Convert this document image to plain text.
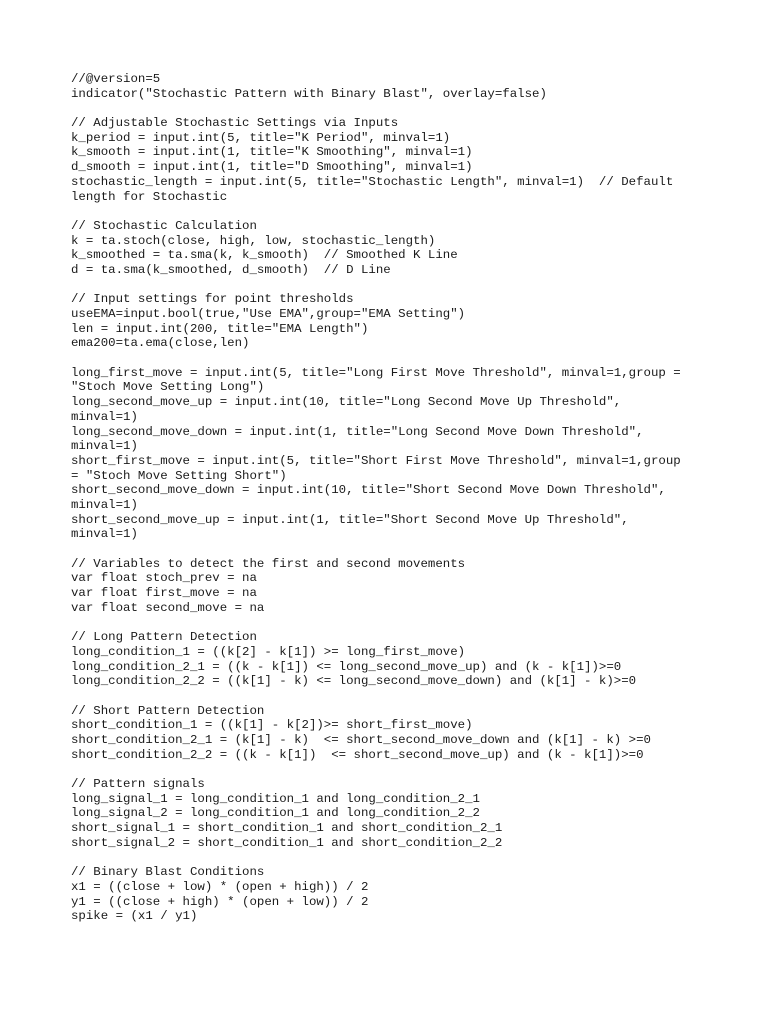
//@version=5
indicator("Stochastic Pattern with Binary Blast", overlay=false)
// Adjustable Stochastic Settings via Inputs
k_period = input.int(5, title="K Period", minval=1)
k_smooth = input.int(1, title="K Smoothing", minval=1)
d_smooth = input.int(1, title="D Smoothing", minval=1)
stochastic_length = input.int(5, title="Stochastic Length", minval=1)  // Default
length for Stochastic
// Stochastic Calculation
k = ta.stoch(close, high, low, stochastic_length)
k_smoothed = ta.sma(k, k_smooth)  // Smoothed K Line
d = ta.sma(k_smoothed, d_smooth)  // D Line
// Input settings for point thresholds
useEMA=input.bool(true,"Use EMA",group="EMA Setting")
len = input.int(200, title="EMA Length")
ema200=ta.ema(close,len)
long_first_move = input.int(5, title="Long First Move Threshold", minval=1,group =
"Stoch Move Setting Long")
long_second_move_up = input.int(10, title="Long Second Move Up Threshold",
minval=1)
long_second_move_down = input.int(1, title="Long Second Move Down Threshold",
minval=1)
short_first_move = input.int(5, title="Short First Move Threshold", minval=1,group
= "Stoch Move Setting Short")
short_second_move_down = input.int(10, title="Short Second Move Down Threshold",
minval=1)
short_second_move_up = input.int(1, title="Short Second Move Up Threshold",
minval=1)
// Variables to detect the first and second movements
var float stoch_prev = na
var float first_move = na
var float second_move = na
// Long Pattern Detection
long_condition_1 = ((k[2] - k[1]) >= long_first_move)
long_condition_2_1 = ((k - k[1]) <= long_second_move_up) and (k - k[1])>=0
long_condition_2_2 = ((k[1] - k) <= long_second_move_down) and (k[1] - k)>=0
// Short Pattern Detection
short_condition_1 = ((k[1] - k[2])>= short_first_move)
short_condition_2_1 = (k[1] - k)  <= short_second_move_down and (k[1] - k) >=0
short_condition_2_2 = ((k - k[1])  <= short_second_move_up) and (k - k[1])>=0
// Pattern signals
long_signal_1 = long_condition_1 and long_condition_2_1
long_signal_2 = long_condition_1 and long_condition_2_2
short_signal_1 = short_condition_1 and short_condition_2_1
short_signal_2 = short_condition_1 and short_condition_2_2
// Binary Blast Conditions
x1 = ((close + low) * (open + high)) / 2
y1 = ((close + high) * (open + low)) / 2
spike = (x1 / y1)
